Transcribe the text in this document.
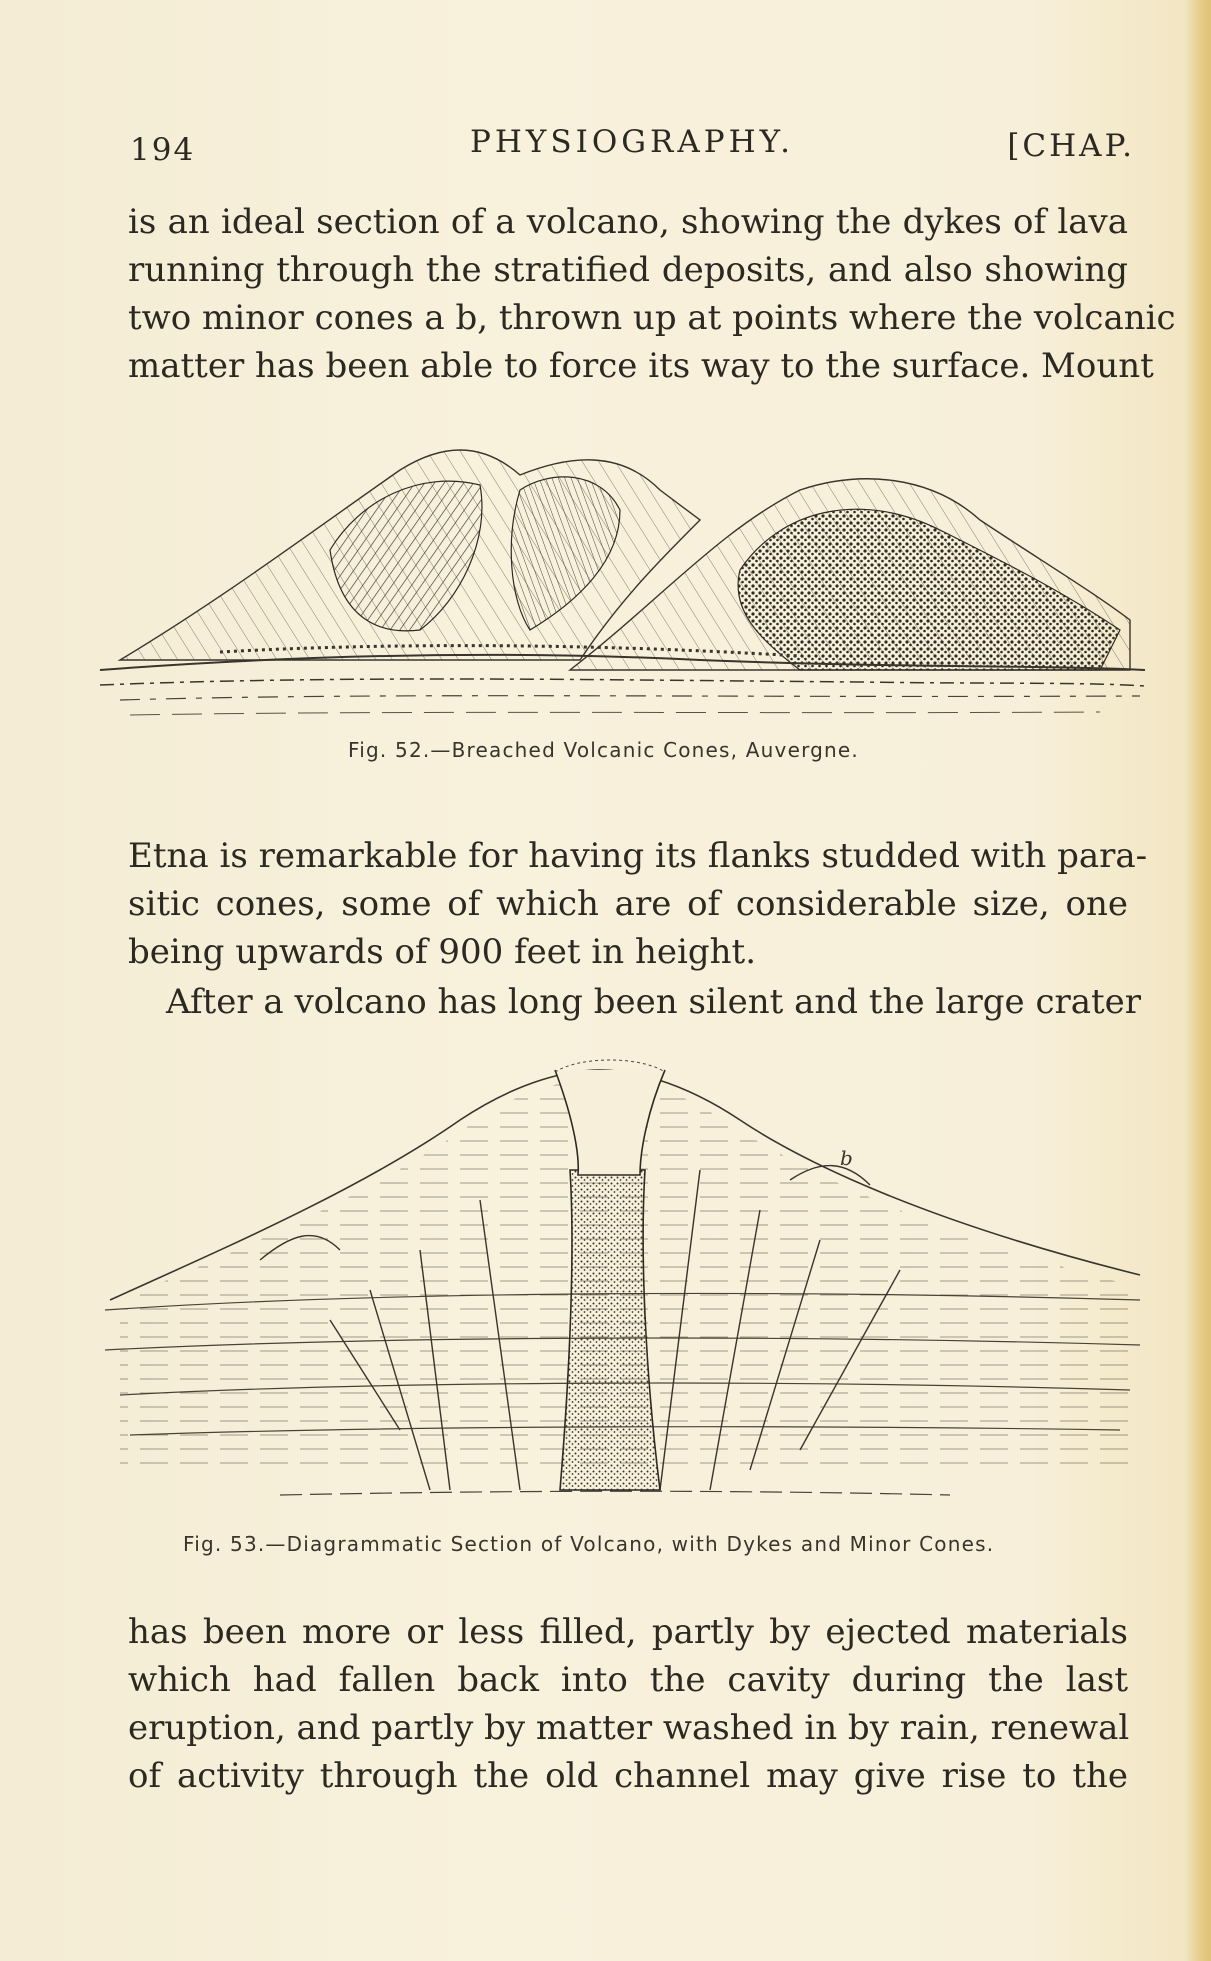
194	PHYSIOGRAPHY.	[CHAP.
is an ideal section of a volcano, showing the dykes of lava
running through the stratified deposits, and also showing
two minor cones a b, thrown up at points where the volcanic
matter has been able to force its way to the surface. Mount
Fig. 52.—Breached Volcanic Cones, Auvergne.
Etna is remarkable for having its flanks studded with para-
sitic cones, some of which are of considerable size, one
being upwards of 900 feet in height.
After a volcano has long been silent and the large crater
b
Fig. 53.—Diagrammatic Section of Volcano, with Dykes and Minor Cones.
has been more or less filled, partly by ejected materials
which had fallen back into the cavity during the last
eruption, and partly by matter washed in by rain, renewal
of activity through the old channel may give rise to the
